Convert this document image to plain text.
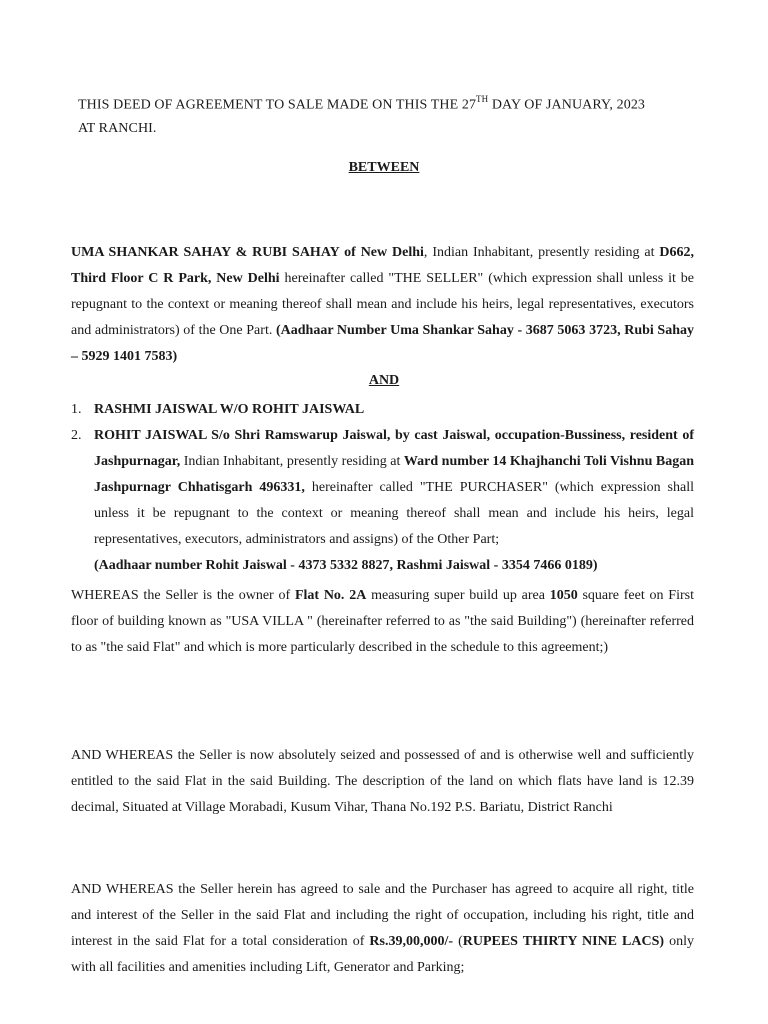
THIS DEED OF AGREEMENT TO SALE MADE ON THIS THE 27TH DAY OF JANUARY, 2023
AT RANCHI.
BETWEEN

UMA SHANKAR SAHAY & RUBI SAHAY of New Delhi, Indian Inhabitant, presently residing at D662, Third Floor C R Park, New Delhi hereinafter called "THE SELLER" (which expression shall unless it be repugnant to the context or meaning thereof shall mean and include his heirs, legal representatives, executors and administrators) of the One Part. (Aadhaar Number Uma Shankar Sahay - 3687 5063 3723, Rubi Sahay – 5929 1401 7583)

AND
1. RASHMI JAISWAL W/O ROHIT JAISWAL

2. ROHIT JAISWAL S/o Shri Ramswarup Jaiswal, by cast Jaiswal, occupation-Bussiness, resident of Jashpurnagar, Indian Inhabitant, presently residing at Ward number 14 Khajhanchi Toli Vishnu Bagan Jashpurnagr Chhatisgarh 496331, hereinafter called "THE PURCHASER" (which expression shall unless it be repugnant to the context or meaning thereof shall mean and include his heirs, legal representatives, executors, administrators and assigns) of the Other Part;
(Aadhaar number Rohit Jaiswal - 4373 5332 8827, Rashmi Jaiswal - 3354 7466 0189)

WHEREAS the Seller is the owner of Flat No. 2A measuring super build up area 1050 square feet on First floor of building known as "USA VILLA " (hereinafter referred to as "the said Building") (hereinafter referred to as "the said Flat" and which is more particularly described in the schedule to this agreement;)

AND WHEREAS the Seller is now absolutely seized and possessed of and is otherwise well and sufficiently entitled to the said Flat in the said Building. The description of the land on which flats have land is 12.39 decimal, Situated at Village Morabadi, Kusum Vihar, Thana No.192 P.S. Bariatu, District Ranchi

AND WHEREAS the Seller herein has agreed to sale and the Purchaser has agreed to acquire all right, title and interest of the Seller in the said Flat and including the right of occupation, including his right, title and interest in the said Flat for a total consideration of Rs.39,00,000/- (RUPEES THIRTY NINE LACS) only with all facilities and amenities including Lift, Generator and Parking;
